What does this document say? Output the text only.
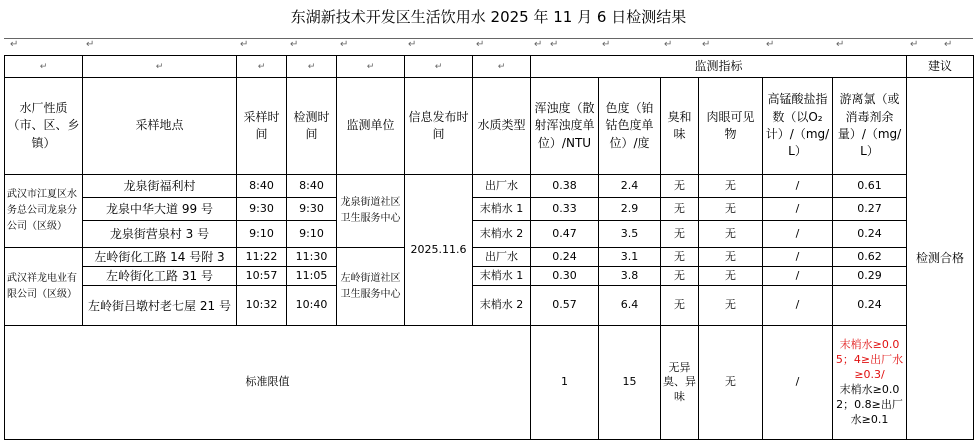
东湖新技术开发区生活饮用水 2025 年 11 月 6 日检测结果
↵	↵	↵	↵	↵	↵	↵	↵ ↵	↵	↵	↵	↵	↵	↵	↵
↵	↵	↵	↵	↵	↵	↵	监测指标						建议
水厂性质（市、区、乡镇）	采样地点	采样时间	检测时间	监测单位	信息发布时间	水质类型	浑浊度（散射浑浊度单位）/NTU	色度（铂钴色度单位）/度	臭和味	肉眼可见物	高锰酸盐指数（以O₂计）/（mg/L）	游离氯（或消毒剂余量）/（mg/L）	检测合格
武汉市江夏区水务总公司龙泉分公司（区级）	龙泉街福利村	8:40	8:40	龙泉街道社区卫生服务中心	2025.11.6	出厂水	0.38	2.4	无	无	/	0.61	
	龙泉中华大道 99 号	9:30	9:30			末梢水 1	0.33	2.9	无	无	/	0.27	
	龙泉街营泉村 3 号	9:10	9:10			末梢水 2	0.47	3.5	无	无	/	0.24	
武汉祥龙电业有限公司（区级）	左岭街化工路 14 号附 3	11:22	11:30	左岭街道社区卫生服务中心		出厂水	0.24	3.1	无	无	/	0.62	
	左岭街化工路 31 号	10:57	11:05			末梢水 1	0.30	3.8	无	无	/	0.29	
	左岭街吕墩村老七屋 21 号	10:32	10:40			末梢水 2	0.57	6.4	无	无	/	0.24	
标准限值							1	15	无异臭、异味	无	/	末梢水≥0.05；4≥出厂水≥0.3/
末梢水≥0.02；0.8≥出厂水≥0.1	
